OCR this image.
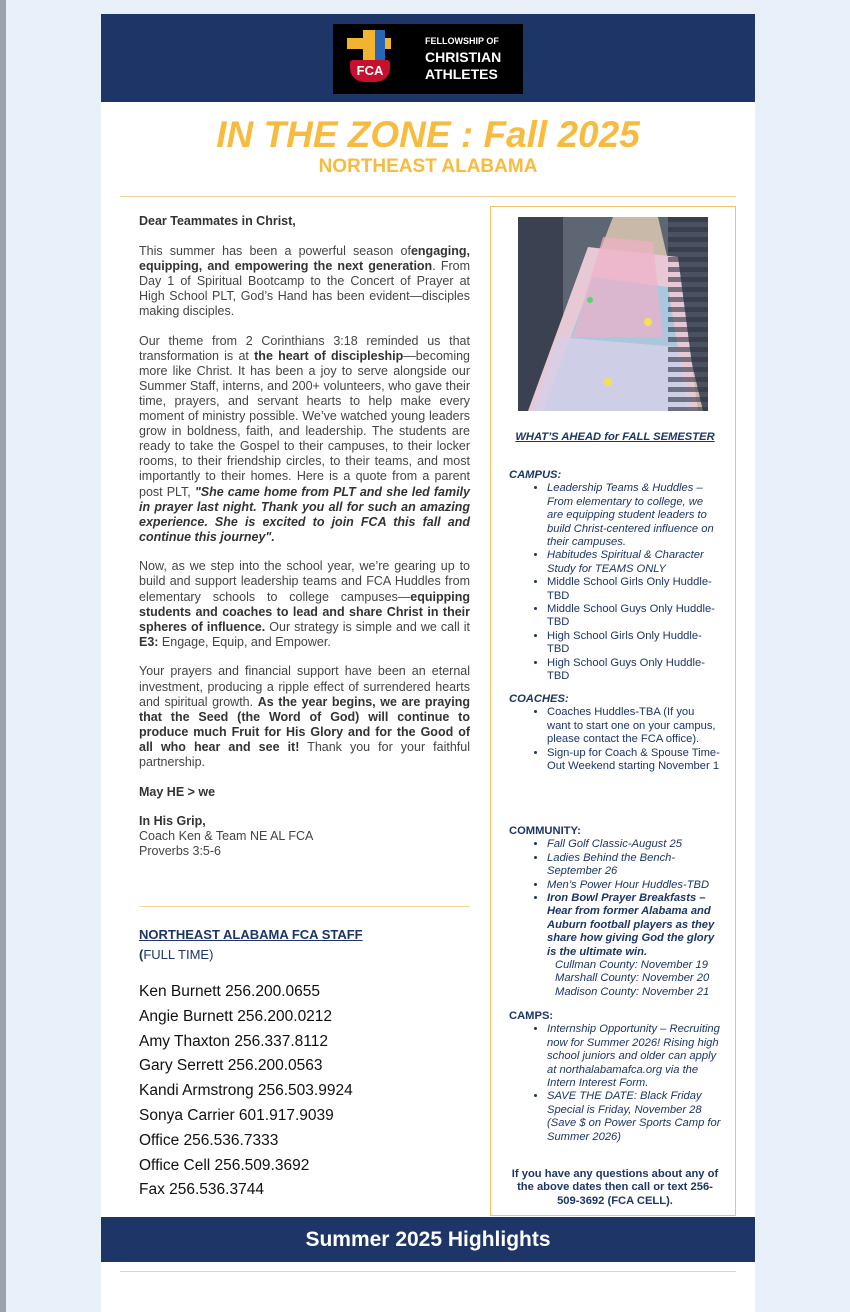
FCA
FELLOWSHIP OF
CHRISTIAN
ATHLETES
IN THE ZONE : Fall 2025
NORTHEAST ALABAMA

Dear Teammates in Christ,

This summer has been a powerful season ofengaging, equipping, and empowering the next generation. From Day 1 of Spiritual Bootcamp to the Concert of Prayer at High School PLT, God’s Hand has been evident—disciples making disciples.

Our theme from 2 Corinthians 3:18 reminded us that transformation is at the heart of discipleship—becoming more like Christ. It has been a joy to serve alongside our Summer Staff, interns, and 200+ volunteers, who gave their time, prayers, and servant hearts to help make every moment of ministry possible. We’ve watched young leaders grow in boldness, faith, and leadership. The students are ready to take the Gospel to their campuses, to their locker rooms, to their friendship circles, to their teams, and most importantly to their homes. Here is a quote from a parent post PLT, "She came home from PLT and she led family in prayer last night. Thank you all for such an amazing experience. She is excited to join FCA this fall and continue this journey".

Now, as we step into the school year, we’re gearing up to build and support leadership teams and FCA Huddles from elementary schools to college campuses—equipping students and coaches to lead and share Christ in their spheres of influence. Our strategy is simple and we call it E3: Engage, Equip, and Empower.

Your prayers and financial support have been an eternal investment, producing a ripple effect of surrendered hearts and spiritual growth. As the year begins, we are praying that the Seed (the Word of God) will continue to produce much Fruit for His Glory and for the Good of all who hear and see it! Thank you for your faithful partnership.

May HE > we

In His Grip,
Coach Ken & Team NE AL FCA
Proverbs 3:5-6
NORTHEAST ALABAMA FCA STAFF
(FULL TIME)
Ken Burnett 256.200.0655
Angie Burnett 256.200.0212
Amy Thaxton 256.337.8112
Gary Serrett 256.200.0563
Kandi Armstrong 256.503.9924
Sonya Carrier 601.917.9039
Office 256.536.7333
Office Cell 256.509.3692
Fax 256.536.3744
WHAT’S AHEAD for FALL SEMESTER
CAMPUS:
• Leadership Teams & Huddles – From elementary to college, we are equipping student leaders to build Christ-centered influence on their campuses.
• Habitudes Spiritual & Character Study for TEAMS ONLY
• Middle School Girls Only Huddle-TBD
• Middle School Guys Only Huddle-TBD
• High School Girls Only Huddle-TBD
• High School Guys Only Huddle-TBD
COACHES:
• Coaches Huddles-TBA (If you want to start one on your campus, please contact the FCA office).
• Sign-up for Coach & Spouse Time-Out Weekend starting November 1
COMMUNITY:
• Fall Golf Classic-August 25
• Ladies Behind the Bench-September 26
• Men’s Power Hour Huddles-TBD
• Iron Bowl Prayer Breakfasts – Hear from former Alabama and Auburn football players as they share how giving God the glory is the ultimate win.
Cullman County: November 19
Marshall County: November 20
Madison County: November 21
CAMPS:
• Internship Opportunity – Recruiting now for Summer 2026! Rising high school juniors and older can apply at northalabamafca.org via the Intern Interest Form.
• SAVE THE DATE: Black Friday Special is Friday, November 28 (Save $ on Power Sports Camp for Summer 2026)
If you have any questions about any of the above dates then call or text 256-509-3692 (FCA CELL).
Summer 2025 Highlights
